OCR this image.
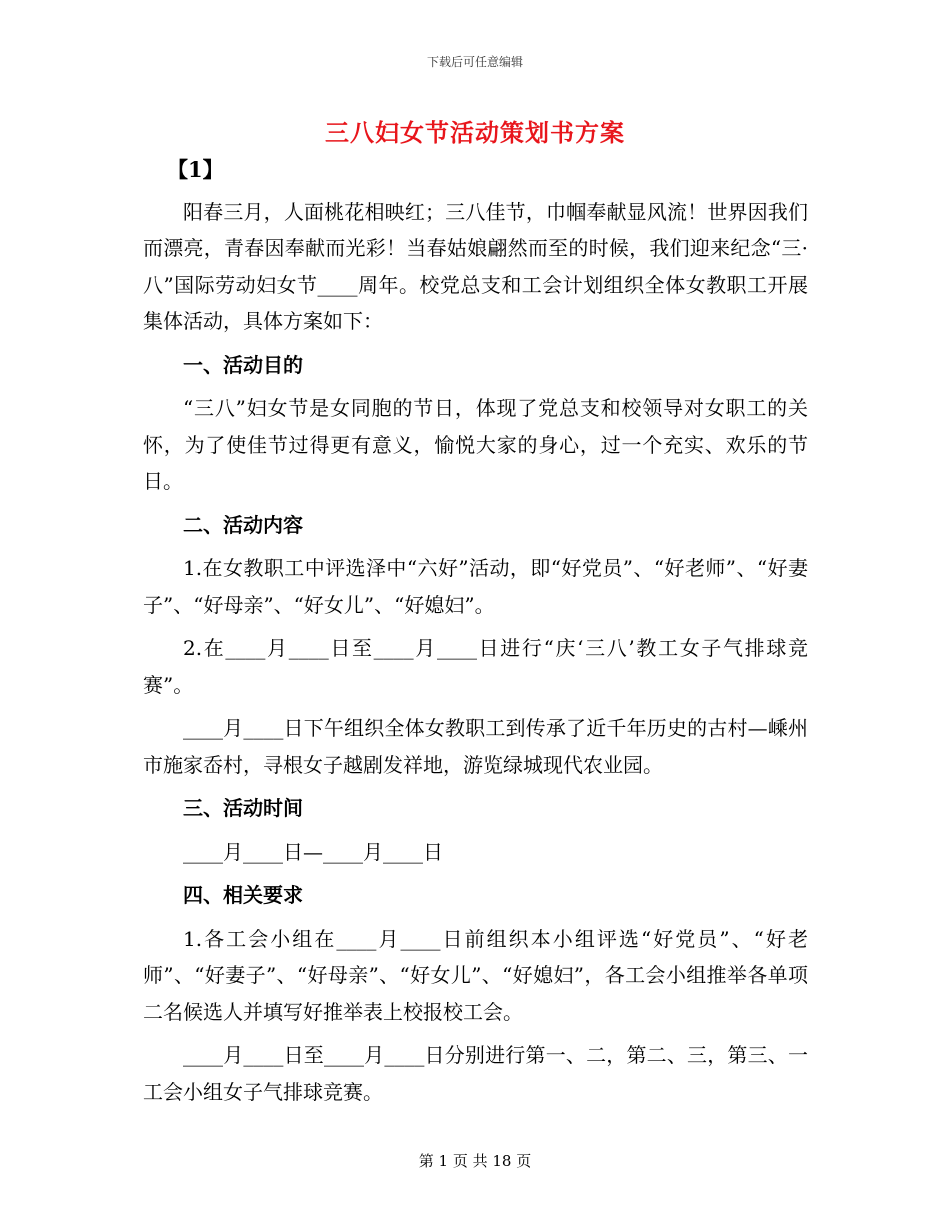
下载后可任意编辑
三八妇女节活动策划书方案
【1】

阳春三月，人面桃花相映红；三八佳节，巾帼奉献显风流！世界因我们而漂亮，青春因奉献而光彩！当春姑娘翩然而至的时候，我们迎来纪念“三·八”国际劳动妇女节____周年。校党总支和工会计划组织全体女教职工开展集体活动，具体方案如下：

一、活动目的

“三八”妇女节是女同胞的节日，体现了党总支和校领导对女职工的关怀，为了使佳节过得更有意义，愉悦大家的身心，过一个充实、欢乐的节日。

二、活动内容

1.在女教职工中评选泽中“六好”活动，即“好党员”、“好老师”、“好妻子”、“好母亲”、“好女儿”、“好媳妇”。

2.在____月____日至____月____日进行“庆‘三八’教工女子气排球竞赛”。

____月____日下午组织全体女教职工到传承了近千年历史的古村—嵊州市施家岙村，寻根女子越剧发祥地，游览绿城现代农业园。

三、活动时间

____月____日—____月____日

四、相关要求

1.各工会小组在____月____日前组织本小组评选“好党员”、“好老师”、“好妻子”、“好母亲”、“好女儿”、“好媳妇”，各工会小组推举各单项二名候选人并填写好推举表上校报校工会。

____月____日至____月____日分别进行第一、二，第二、三，第三、一工会小组女子气排球竞赛。

第 1 页 共 18 页
